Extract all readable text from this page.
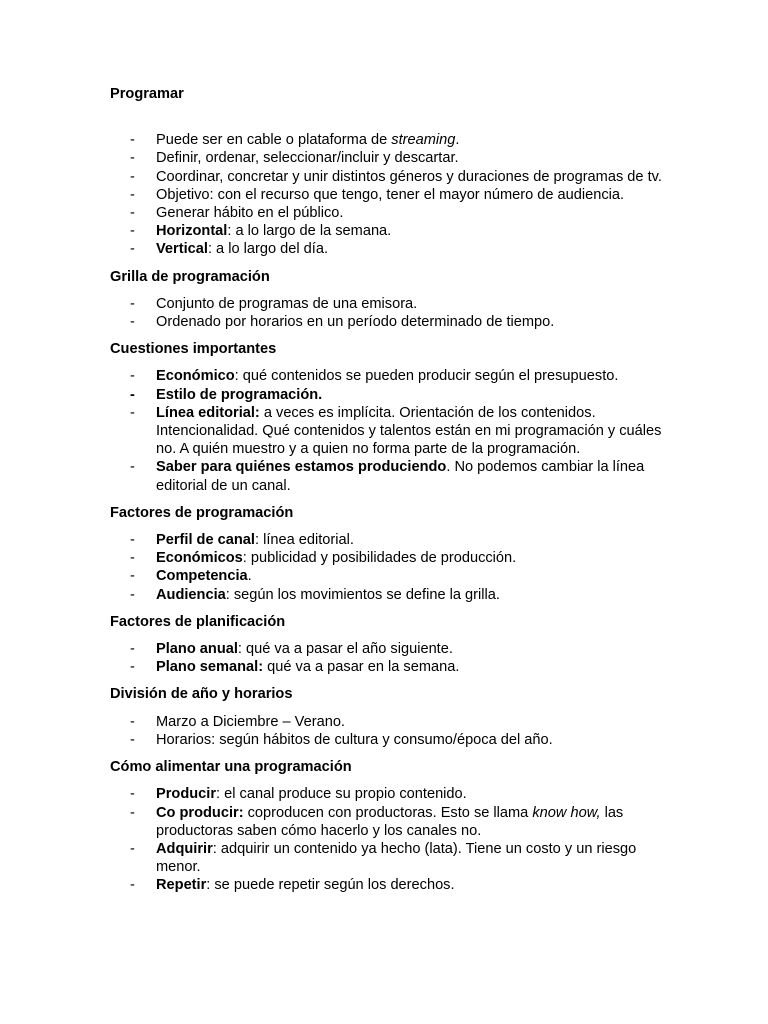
Programar
- Puede ser en cable o plataforma de streaming.
- Definir, ordenar, seleccionar/incluir y descartar.
- Coordinar, concretar y unir distintos géneros y duraciones de programas de tv.
- Objetivo: con el recurso que tengo, tener el mayor número de audiencia.
- Generar hábito en el público.
- Horizontal: a lo largo de la semana.
- Vertical: a lo largo del día.
Grilla de programación
- Conjunto de programas de una emisora.
- Ordenado por horarios en un período determinado de tiempo.
Cuestiones importantes
- Económico: qué contenidos se pueden producir según el presupuesto.
- Estilo de programación.
- Línea editorial: a veces es implícita. Orientación de los contenidos. Intencionalidad. Qué contenidos y talentos están en mi programación y cuáles no. A quién muestro y a quien no forma parte de la programación.
- Saber para quiénes estamos produciendo. No podemos cambiar la línea editorial de un canal.
Factores de programación
- Perfil de canal: línea editorial.
- Económicos: publicidad y posibilidades de producción.
- Competencia.
- Audiencia: según los movimientos se define la grilla.
Factores de planificación
- Plano anual: qué va a pasar el año siguiente.
- Plano semanal: qué va a pasar en la semana.
División de año y horarios
- Marzo a Diciembre – Verano.
- Horarios: según hábitos de cultura y consumo/época del año.
Cómo alimentar una programación
- Producir: el canal produce su propio contenido.
- Co producir: coproducen con productoras. Esto se llama know how, las productoras saben cómo hacerlo y los canales no.
- Adquirir: adquirir un contenido ya hecho (lata). Tiene un costo y un riesgo menor.
- Repetir: se puede repetir según los derechos.
